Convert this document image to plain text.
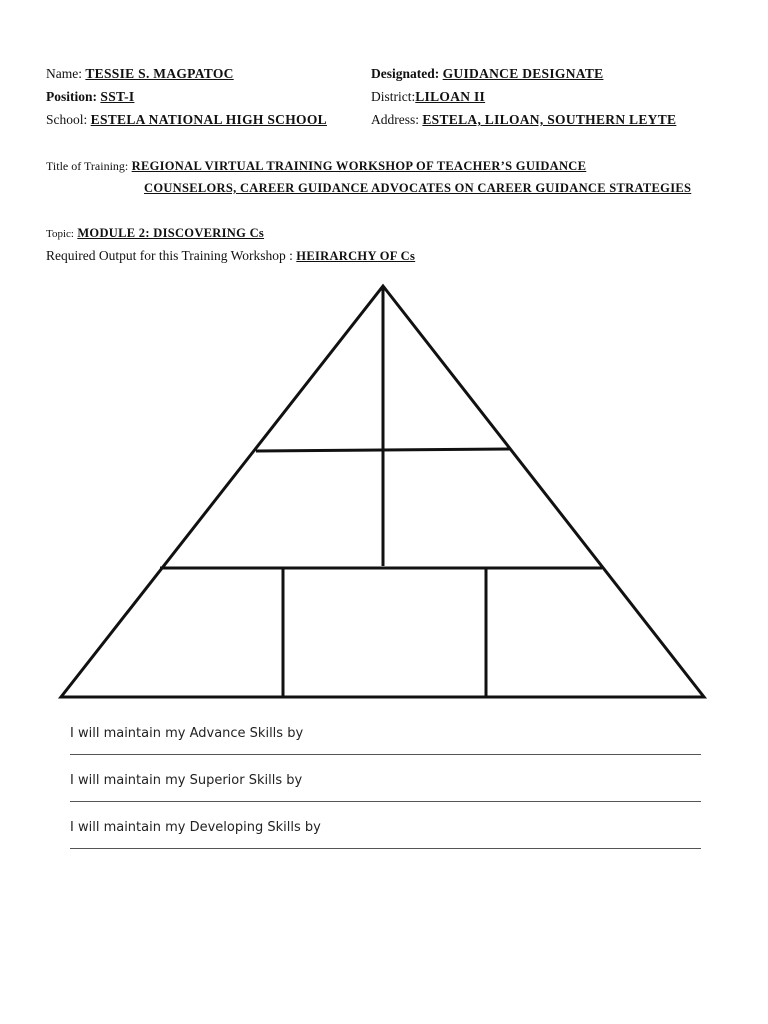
Name: TESSIE S. MAGPATOC	Designated: GUIDANCE DESIGNATE
Position: SST-I	District:LILOAN II
School: ESTELA NATIONAL HIGH SCHOOL	Address: ESTELA, LILOAN, SOUTHERN LEYTE
Title of Training: REGIONAL VIRTUAL TRAINING WORKSHOP OF TEACHER’S GUIDANCE
COUNSELORS, CAREER GUIDANCE ADVOCATES ON CAREER GUIDANCE STRATEGIES
Topic: MODULE 2: DISCOVERING Cs
Required Output for this Training Workshop : HEIRARCHY OF Cs
I will maintain my Advance Skills by
I will maintain my Superior Skills by
I will maintain my Developing Skills by
